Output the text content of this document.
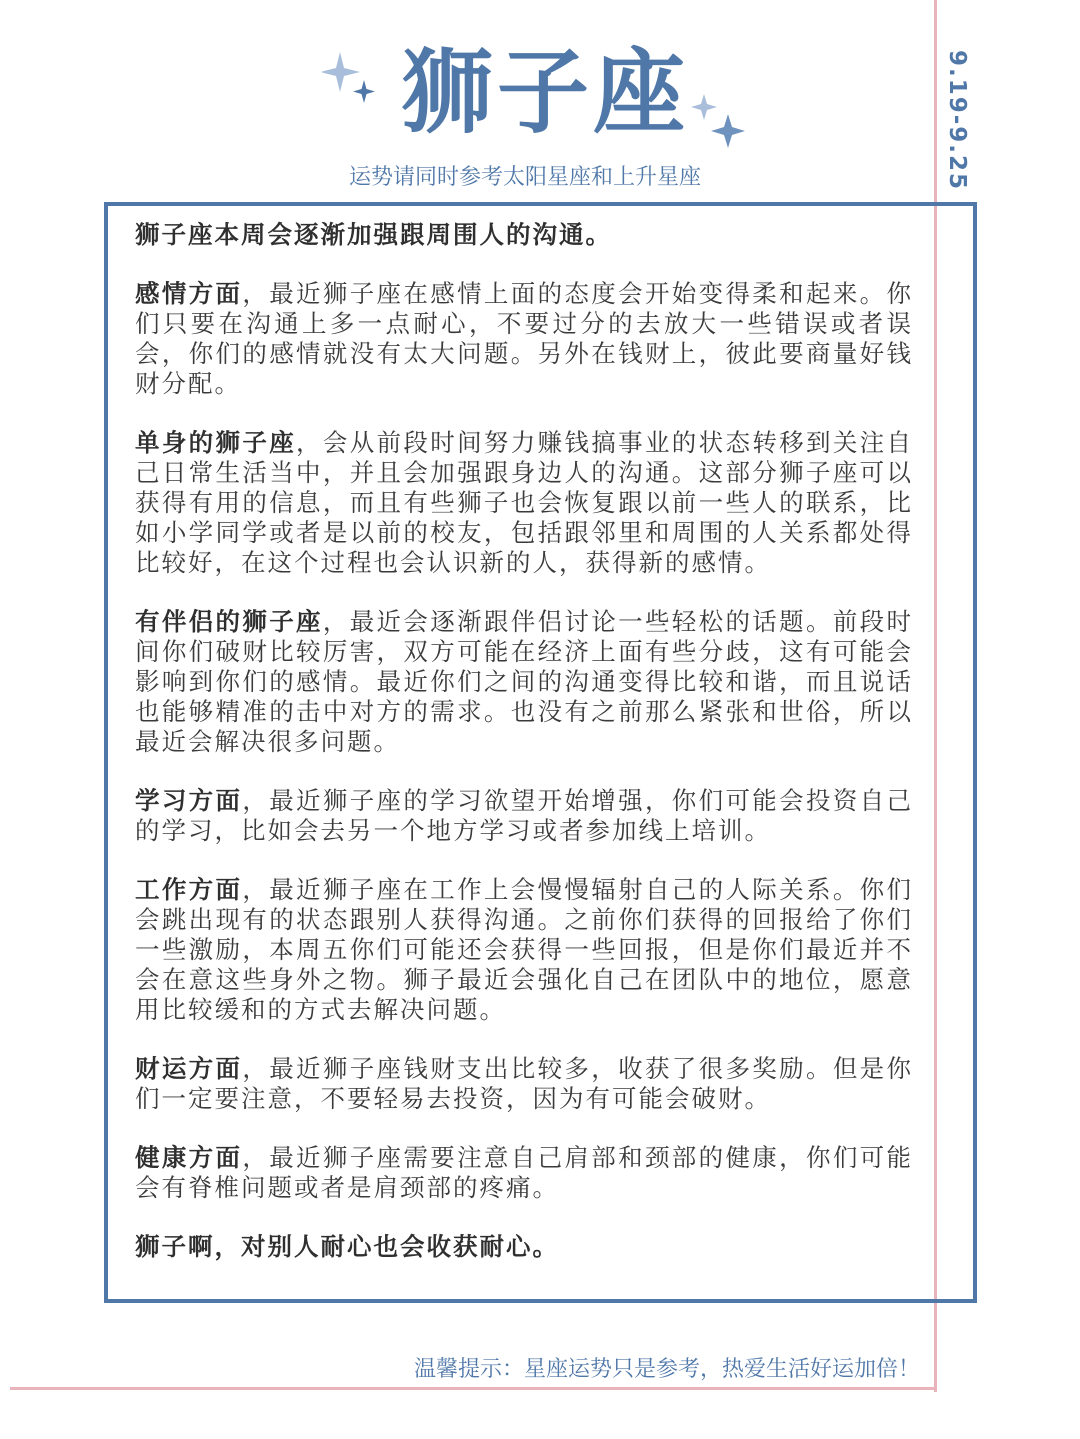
9.19-9.25
狮子座
运势请同时参考太阳星座和上升星座

狮子座本周会逐渐加强跟周围人的沟通。

感情方面，最近狮子座在感情上面的态度会开始变得柔和起来。你们只要在沟通上多一点耐心，不要过分的去放大一些错误或者误会，你们的感情就没有太大问题。另外在钱财上，彼此要商量好钱财分配。

单身的狮子座，会从前段时间努力赚钱搞事业的状态转移到关注自己日常生活当中，并且会加强跟身边人的沟通。这部分狮子座可以获得有用的信息，而且有些狮子也会恢复跟以前一些人的联系，比如小学同学或者是以前的校友，包括跟邻里和周围的人关系都处得比较好，在这个过程也会认识新的人，获得新的感情。

有伴侣的狮子座，最近会逐渐跟伴侣讨论一些轻松的话题。前段时间你们破财比较厉害，双方可能在经济上面有些分歧，这有可能会影响到你们的感情。最近你们之间的沟通变得比较和谐，而且说话也能够精准的击中对方的需求。也没有之前那么紧张和世俗，所以最近会解决很多问题。

学习方面，最近狮子座的学习欲望开始增强，你们可能会投资自己的学习，比如会去另一个地方学习或者参加线上培训。

工作方面，最近狮子座在工作上会慢慢辐射自己的人际关系。你们会跳出现有的状态跟别人获得沟通。之前你们获得的回报给了你们一些激励，本周五你们可能还会获得一些回报，但是你们最近并不会在意这些身外之物。狮子最近会强化自己在团队中的地位，愿意用比较缓和的方式去解决问题。

财运方面，最近狮子座钱财支出比较多，收获了很多奖励。但是你们一定要注意，不要轻易去投资，因为有可能会破财。

健康方面，最近狮子座需要注意自己肩部和颈部的健康，你们可能会有脊椎问题或者是肩颈部的疼痛。

狮子啊，对别人耐心也会收获耐心。

温馨提示：星座运势只是参考，热爱生活好运加倍！
